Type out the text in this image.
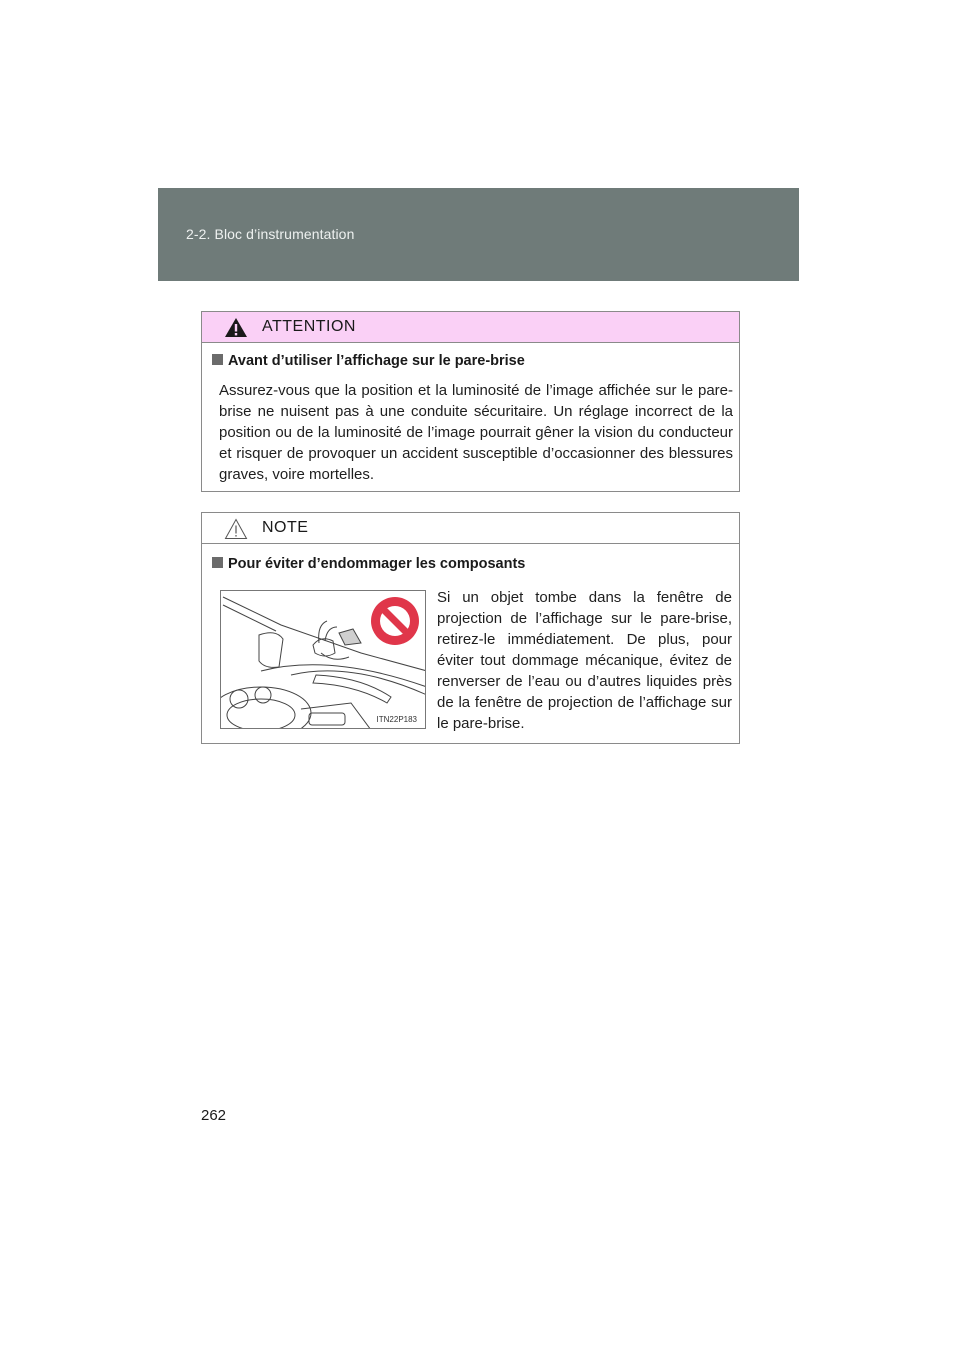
2-2. Bloc d’instrumentation
ATTENTION
Avant d’utiliser l’affichage sur le pare-brise
Assurez-vous que la position et la luminosité de l’image affichée sur le pare-brise ne nuisent pas à une conduite sécuritaire. Un réglage incorrect de la position ou de la luminosité de l’image pourrait gêner la vision du conducteur et risquer de provoquer un accident susceptible d’occasionner des blessures graves, voire mortelles.
NOTE
Pour éviter d’endommager les composants
ITN22P183
Si un objet tombe dans la fenêtre de projection de l’affichage sur le pare-brise, retirez-le immédiatement. De plus, pour éviter tout dommage mécanique, évitez de renverser de l’eau ou d’autres liquides près de la fenêtre de projection de l’affichage sur le pare-brise.
262
